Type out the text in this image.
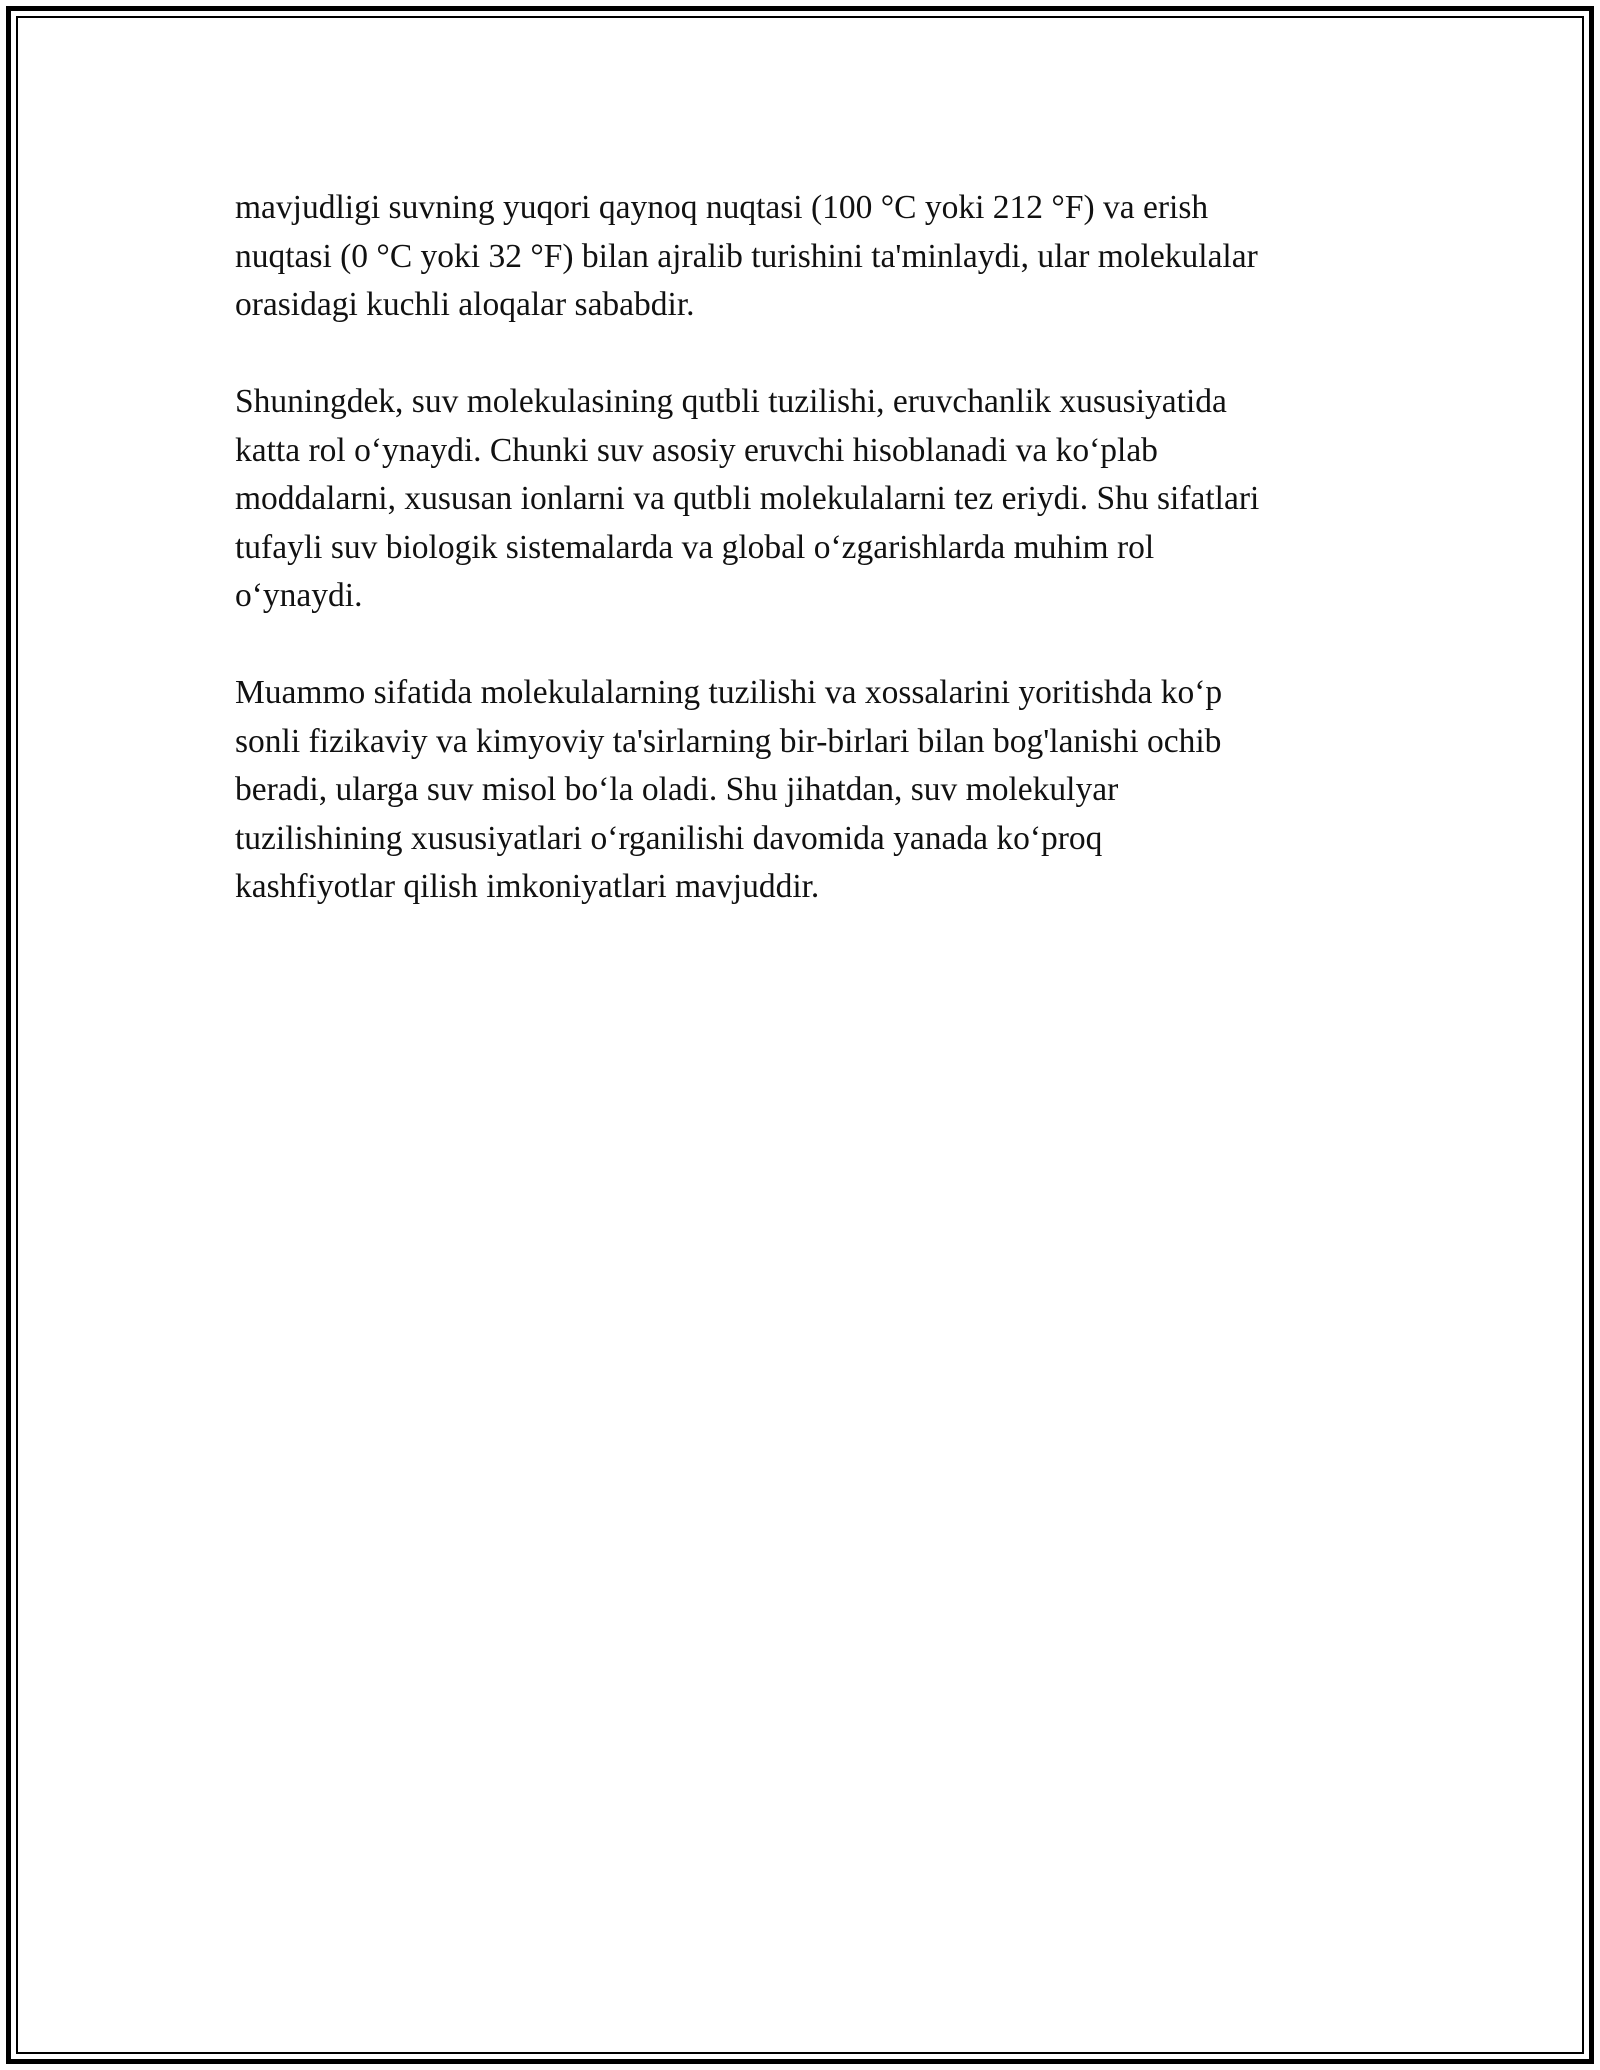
mavjudligi suvning yuqori qaynoq nuqtasi (100 °C yoki 212 °F) va erish
nuqtasi (0 °C yoki 32 °F) bilan ajralib turishini ta'minlaydi, ular molekulalar
orasidagi kuchli aloqalar sababdir.

Shuningdek, suv molekulasining qutbli tuzilishi, eruvchanlik xususiyatida
katta rol oʻynaydi. Chunki suv asosiy eruvchi hisoblanadi va koʻplab
moddalarni, xususan ionlarni va qutbli molekulalarni tez eriydi. Shu sifatlari
tufayli suv biologik sistemalarda va global oʻzgarishlarda muhim rol
oʻynaydi.

Muammo sifatida molekulalarning tuzilishi va xossalarini yoritishda koʻp
sonli fizikaviy va kimyoviy ta'sirlarning bir-birlari bilan bog'lanishi ochib
beradi, ularga suv misol boʻla oladi. Shu jihatdan, suv molekulyar
tuzilishining xususiyatlari oʻrganilishi davomida yanada koʻproq
kashfiyotlar qilish imkoniyatlari mavjuddir.
